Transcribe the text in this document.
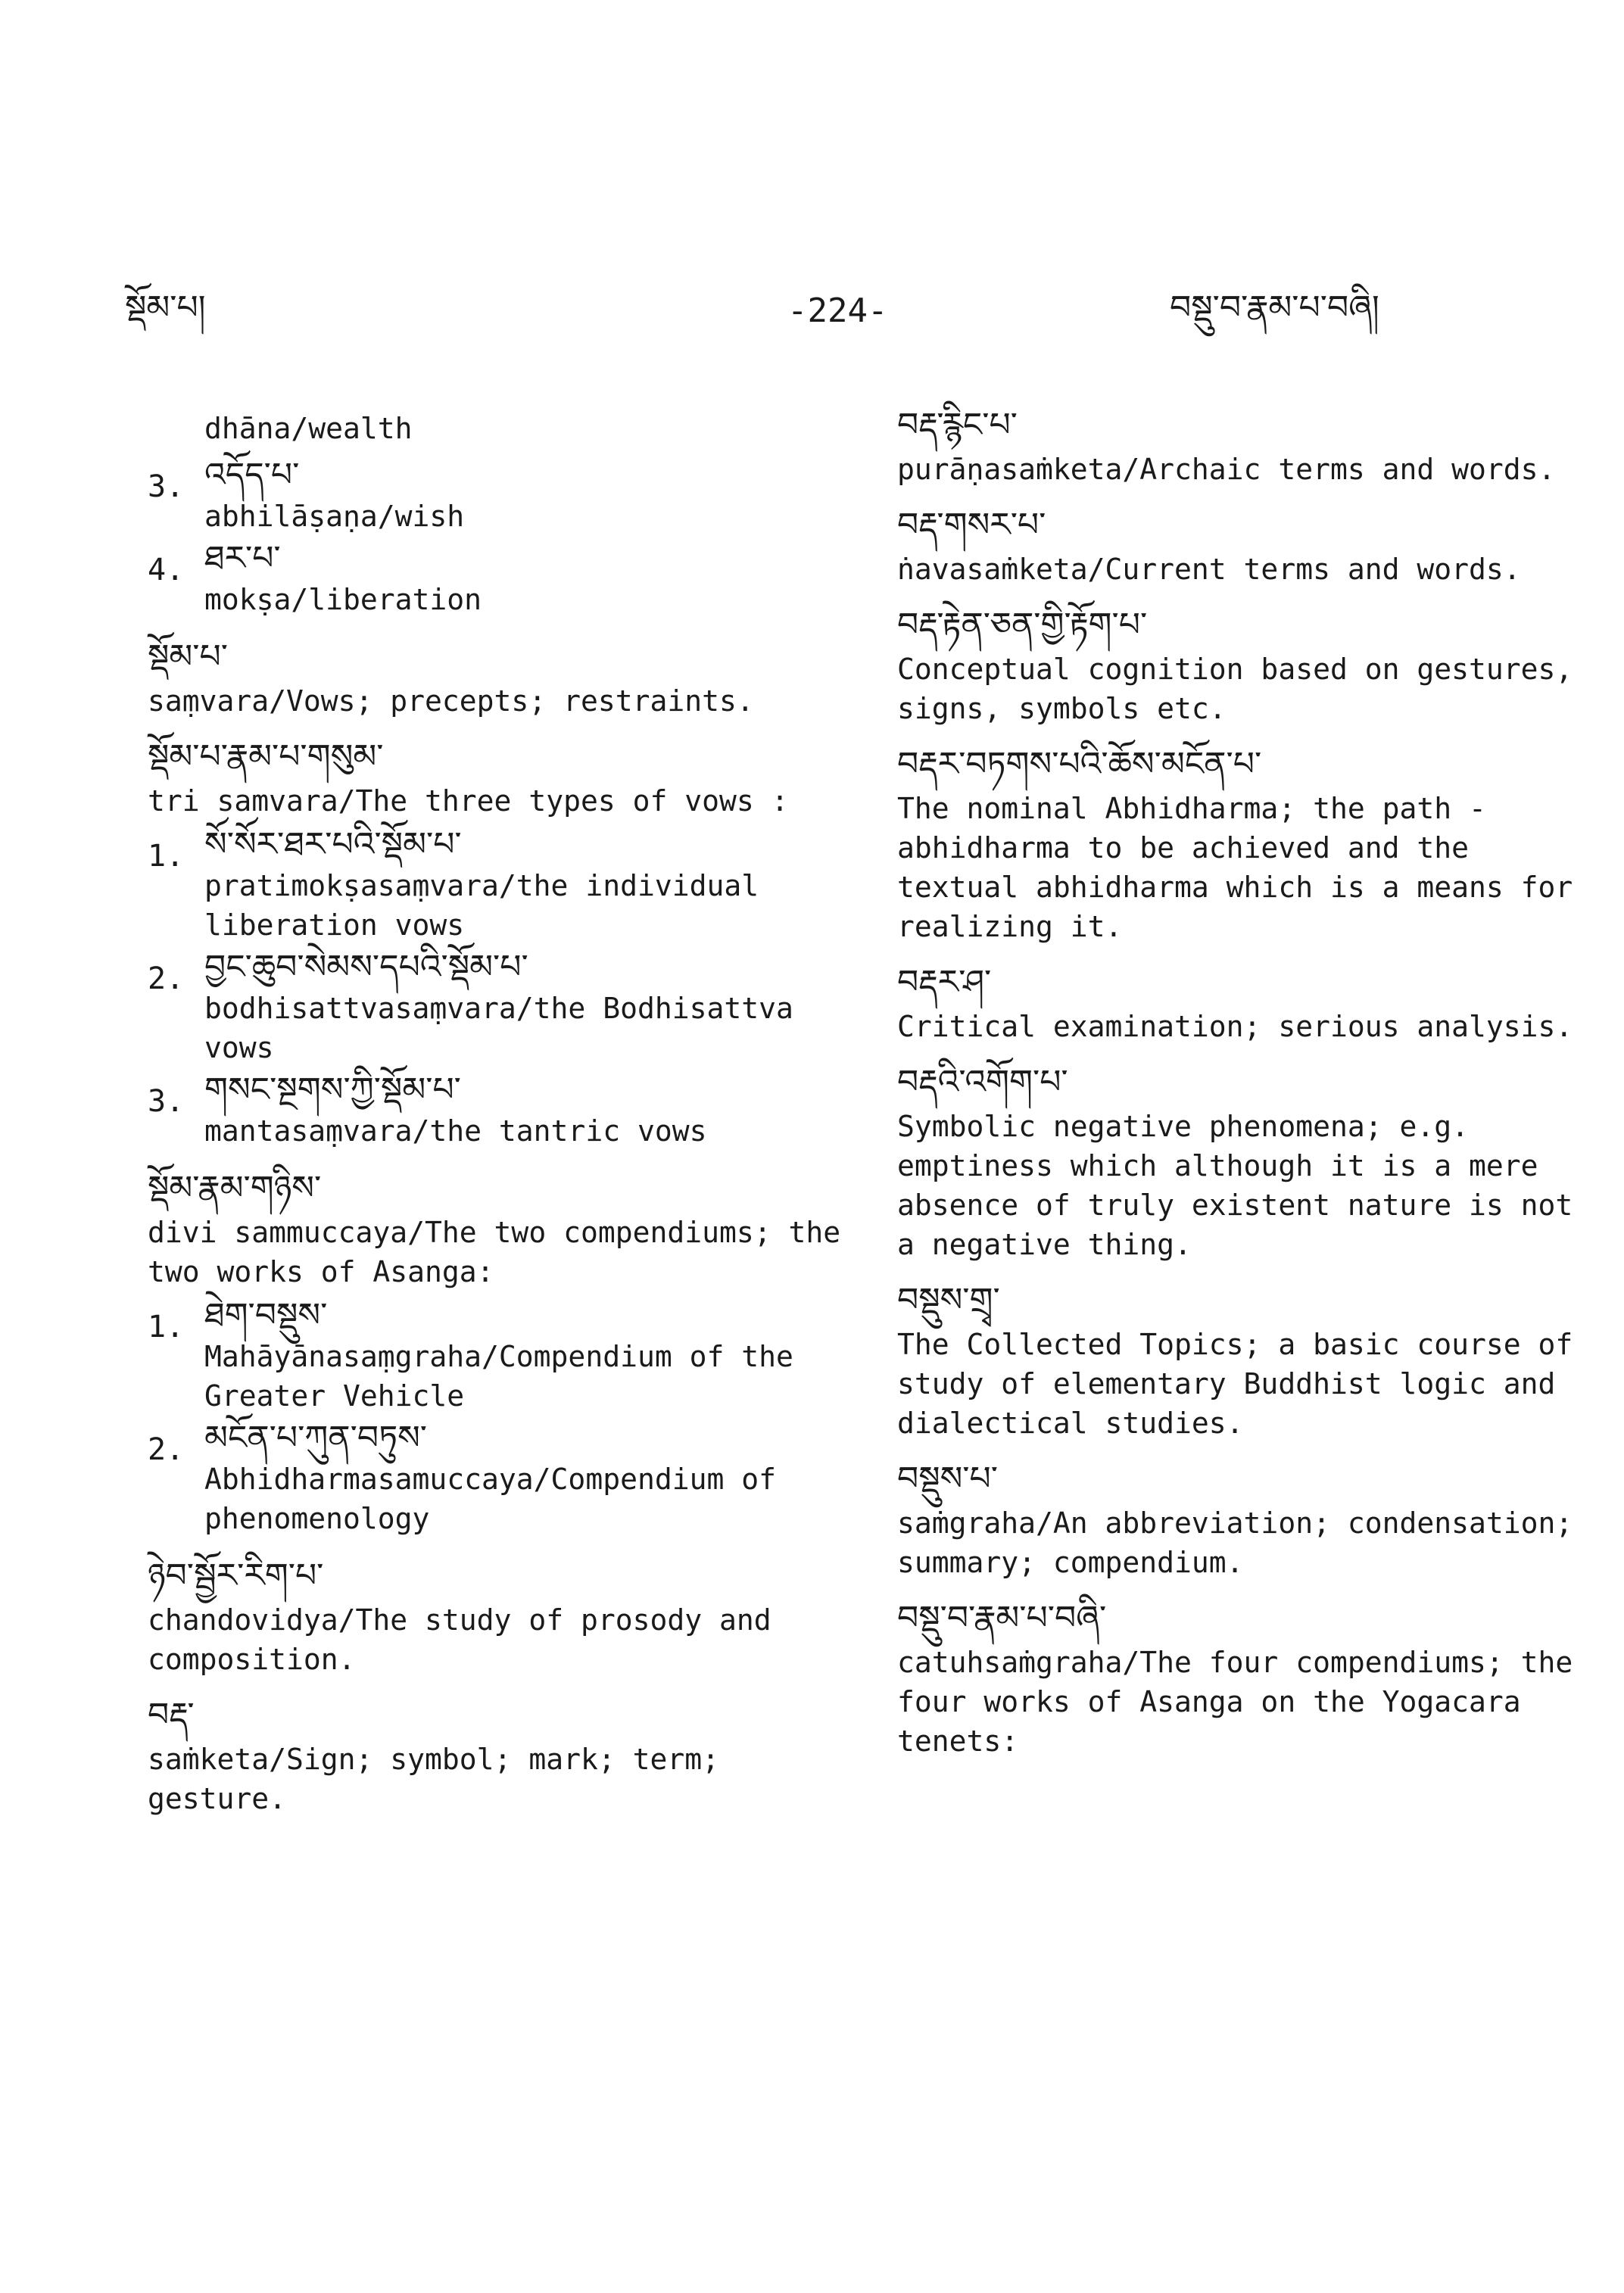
སྡོམ་པ།	-224-	བསྡུ་བ་རྣམ་པ་བཞི།
dhāna/wealth
3. འདོད་པ་
abhilāṣaṇa/wish
4. ཐར་པ་
mokṣa/liberation
སྡོམ་པ་
saṃvara/Vows; precepts; restraints.
སྡོམ་པ་རྣམ་པ་གསུམ་
tri samvara/The three types of vows :
1. སོ་སོར་ཐར་པའི་སྡོམ་པ་
pratimokṣasaṃvara/the individual liberation vows
2. བྱང་ཆུབ་སེམས་དཔའི་སྡོམ་པ་
bodhisattvasaṃvara/the Bodhisattva vows
3. གསང་སྔགས་ཀྱི་སྡོམ་པ་
mantasaṃvara/the tantric vows
སྡོམ་རྣམ་གཉིས་
divi sammuccaya/The two compendiums; the two works of Asanga:
1. ཐེག་བསྡུས་
Mahāyānasaṃgraha/Compendium of the Greater Vehicle
2. མངོན་པ་ཀུན་བཏུས་
Abhidharmasamuccaya/Compendium of phenomenology
ཉེབ་སྦྱོར་རིག་པ་
chandovidya/The study of prosody and composition.
བརྡ་
saṁketa/Sign; symbol; mark; term; gesture.
བརྡ་རྙིང་པ་
purāṇasaṁketa/Archaic terms and words.
བརྡ་གསར་པ་
ṅavasaṁketa/Current terms and words.
བརྡ་རྟེན་ཅན་གྱི་རྟོག་པ་
Conceptual cognition based on gestures, signs, symbols etc.
བརྡར་བཏགས་པའི་ཆོས་མངོན་པ་
The nominal Abhidharma; the path -abhidharma to be achieved and the textual abhidharma which is a means for realizing it.
བརྡར་ཤ་
Critical examination; serious analysis.
བརྡའི་འགོག་པ་
Symbolic negative phenomena; e.g. emptiness which although it is a mere absence of truly existent nature is not a negative thing.
བསྡུས་གྲྭ་
The Collected Topics; a basic course of study of elementary Buddhist logic and dialectical studies.
བསྡུས་པ་
saṁgraha/An abbreviation; condensation; summary; compendium.
བསྡུ་བ་རྣམ་པ་བཞི་
catuhsaṁgraha/The four compendiums; the four works of Asanga on the Yogacara tenets:
